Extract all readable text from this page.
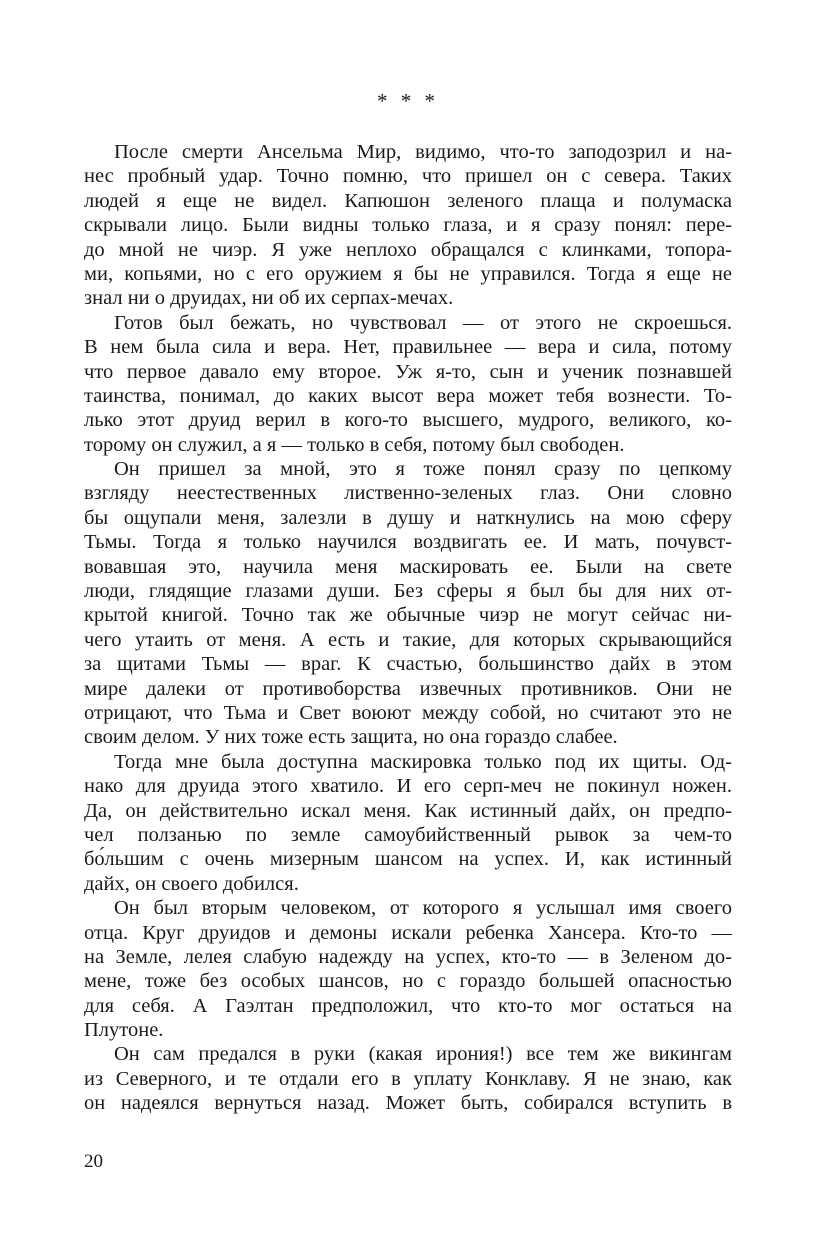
* * *
После смерти Ансельма Мир, видимо, что-то заподозрил и на-
нес пробный удар. Точно помню, что пришел он с севера. Таких
людей я еще не видел. Капюшон зеленого плаща и полумаска
скрывали лицо. Были видны только глаза, и я сразу понял: пере-
до мной не чиэр. Я уже неплохо обращался с клинками, топора-
ми, копьями, но с его оружием я бы не управился. Тогда я еще не
знал ни о друидах, ни об их серпах-мечах.
Готов был бежать, но чувствовал — от этого не скроешься.
В нем была сила и вера. Нет, правильнее — вера и сила, потому
что первое давало ему второе. Уж я-то, сын и ученик познавшей
таинства, понимал, до каких высот вера может тебя вознести. То-
лько этот друид верил в кого-то высшего, мудрого, великого, ко-
торому он служил, а я — только в себя, потому был свободен.
Он пришел за мной, это я тоже понял сразу по цепкому
взгляду неестественных лиственно-зеленых глаз. Они словно
бы ощупали меня, залезли в душу и наткнулись на мою сферу
Тьмы. Тогда я только научился воздвигать ее. И мать, почувст-
вовавшая это, научила меня маскировать ее. Были на свете
люди, глядящие глазами души. Без сферы я был бы для них от-
крытой книгой. Точно так же обычные чиэр не могут сейчас ни-
чего утаить от меня. А есть и такие, для которых скрывающийся
за щитами Тьмы — враг. К счастью, большинство дайх в этом
мире далеки от противоборства извечных противников. Они не
отрицают, что Тьма и Свет воюют между собой, но считают это не
своим делом. У них тоже есть защита, но она гораздо слабее.
Тогда мне была доступна маскировка только под их щиты. Од-
нако для друида этого хватило. И его серп-меч не покинул ножен.
Да, он действительно искал меня. Как истинный дайх, он предпо-
чел ползанью по земле самоубийственный рывок за чем-то
бо́льшим с очень мизерным шансом на успех. И, как истинный
дайх, он своего добился.
Он был вторым человеком, от которого я услышал имя своего
отца. Круг друидов и демоны искали ребенка Хансера. Кто-то —
на Земле, лелея слабую надежду на успех, кто-то — в Зеленом до-
мене, тоже без особых шансов, но с гораздо большей опасностью
для себя. А Гаэлтан предположил, что кто-то мог остаться на
Плутоне.
Он сам предался в руки (какая ирония!) все тем же викингам
из Северного, и те отдали его в уплату Конклаву. Я не знаю, как
он надеялся вернуться назад. Может быть, собирался вступить в
20
